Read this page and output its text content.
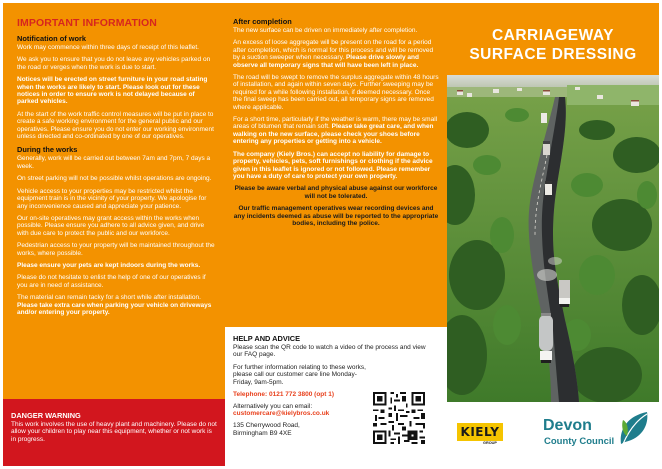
IMPORTANT INFORMATION
Notification of work
Work may commence within three days of receipt of this leaflet.
We ask you to ensure that you do not leave any vehicles parked on the road or verges when the work is due to start.
Notices will be erected on street furniture in your road stating when the works are likely to start. Please look out for these notices in order to ensure work is not delayed because of parked vehicles.
At the start of the work traffic control measures will be put in place to create a safe working environment for the general public and our operatives. Please ensure you do not enter our working environment unless directed and co-ordinated by one of our operatives.
During the works
Generally, work will be carried out between 7am and 7pm, 7 days a week.
On street parking will not be possible whilst operations are ongoing.
Vehicle access to your properties may be restricted whilst the equipment train is in the vicinity of your property. We apologise for any inconvenience caused and appreciate your patience.
Our on-site operatives may grant access within the works when possible. Please ensure you adhere to all advice given, and drive with due care to protect the public and our workforce.
Pedestrian access to your property will be maintained throughout the works, where possible.
Please ensure your pets are kept indoors during the works.
Please do not hesitate to enlist the help of one of our operatives if you are in need of assistance.
The material can remain tacky for a short while after installation. Please take extra care when parking your vehicle on driveways and/or entering your property.
DANGER WARNING
This work involves the use of heavy plant and machinery. Please do not allow your children to play near this equipment, whether or not work is in progress.
After completion
The new surface can be driven on immediately after completion.
An excess of loose aggregate will be present on the road for a period after completion, which is normal for this process and will be removed by a suction sweeper when necessary. Please drive slowly and observe all temporary signs that will have been left in place.
The road will be swept to remove the surplus aggregate within 48 hours of installation, and again within seven days. Further sweeping may be required for a while following installation, if deemed necessary. Once the final sweep has been carried out, all temporary signs are removed where applicable.
For a short time, particularly if the weather is warm, there may be small areas of bitumen that remain soft. Please take great care, and when walking on the new surface, please check your shoes before entering any properties or getting into a vehicle.
The company (Kiely Bros.) can accept no liability for damage to property, vehicles, pets, soft furnishings or clothing if the advice given in this leaflet is ignored or not followed. Please remember you have a duty of care to protect your own property.
Please be aware verbal and physical abuse against our workforce will not be tolerated.
Our traffic management operatives wear recording devices and any incidents deemed as abuse will be reported to the appropriate bodies, including the police.
HELP AND ADVICE
Please scan the QR code to watch a video of the process and view our FAQ page.
For further information relating to these works, please call our customer care line Monday-Friday, 9am-5pm.
Telephone: 0121 772 3800 (opt 1)
Alternatively you can email:
customercare@kielybros.co.uk
135 Cherrywood Road,
Birmingham B9 4XE
CARRIAGEWAY
SURFACE DRESSING
KIELY
GROUP
Devon
County Council
